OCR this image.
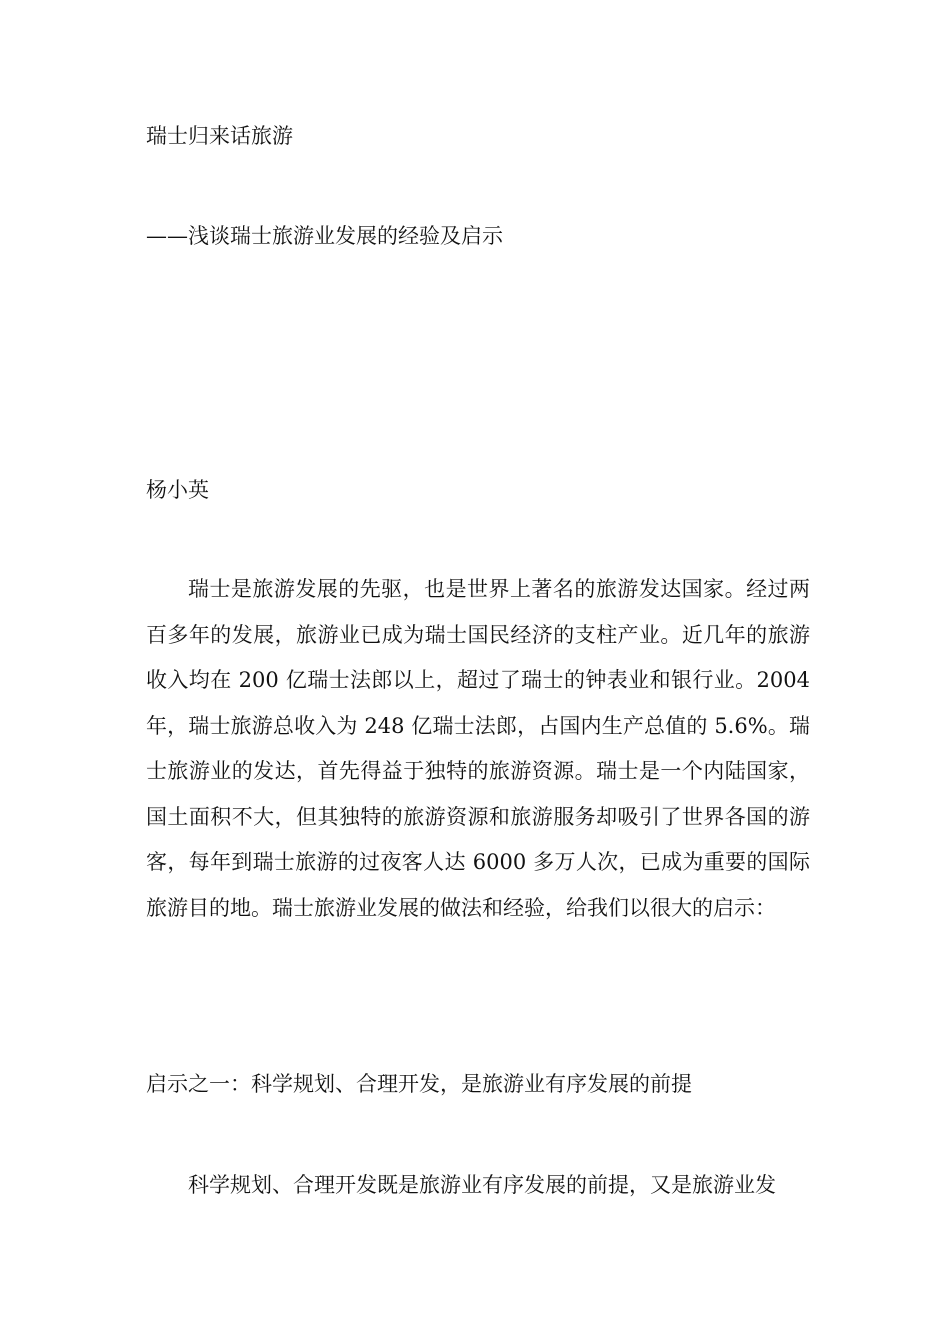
瑞士归来话旅游
——浅谈瑞士旅游业发展的经验及启示
杨小英

瑞士是旅游发展的先驱，也是世界上著名的旅游发达国家。经过两百多年的发展，旅游业已成为瑞士国民经济的支柱产业。近几年的旅游收入均在 200 亿瑞士法郎以上，超过了瑞士的钟表业和银行业。2004 年，瑞士旅游总收入为 248 亿瑞士法郎，占国内生产总值的 5.6%。瑞士旅游业的发达，首先得益于独特的旅游资源。瑞士是一个内陆国家，国土面积不大，但其独特的旅游资源和旅游服务却吸引了世界各国的游客，每年到瑞士旅游的过夜客人达 6000 多万人次，已成为重要的国际旅游目的地。瑞士旅游业发展的做法和经验，给我们以很大的启示：

启示之一：科学规划、合理开发，是旅游业有序发展的前提

科学规划、合理开发既是旅游业有序发展的前提，又是旅游业发
